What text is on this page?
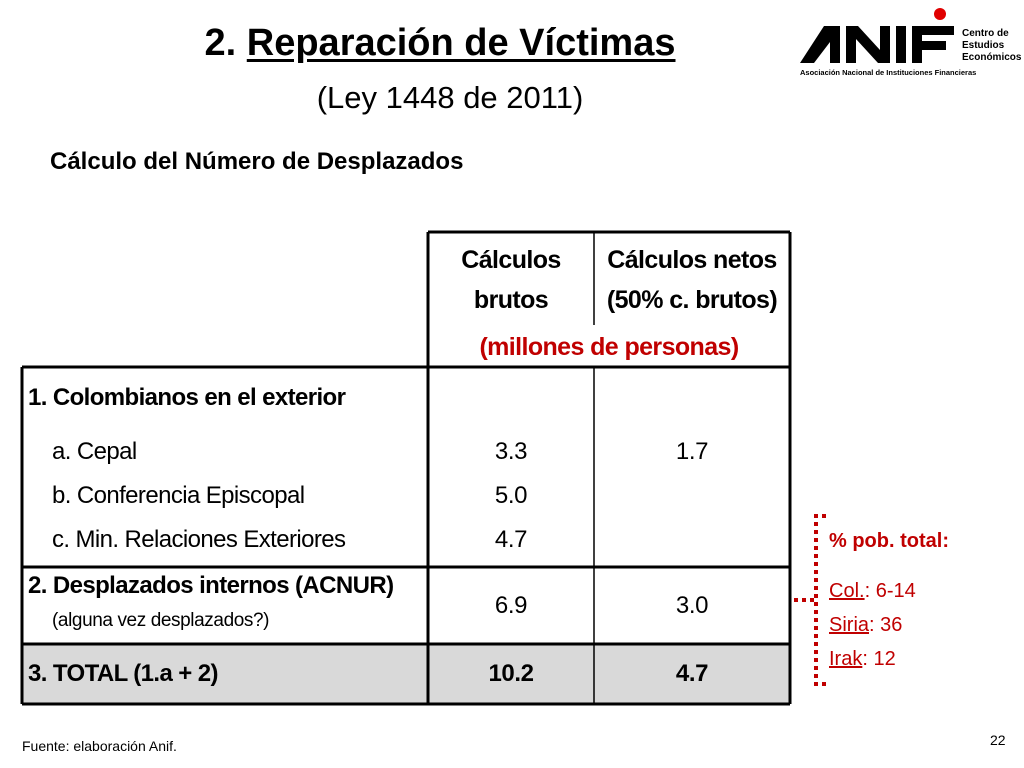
2. Reparación de Víctimas
(Ley 1448 de 2011)
Cálculo del Número de Desplazados
Centro de
Estudios
Económicos
Asociación Nacional de Instituciones Financieras
Cálculos
brutos
Cálculos netos
(50% c. brutos)
(millones de personas)
1. Colombianos en el exterior
a. Cepal	3.3	1.7
b. Conferencia Episcopal	5.0
c. Min. Relaciones Exteriores	4.7
2. Desplazados internos (ACNUR)
(alguna vez desplazados?)
6.9	3.0
3. TOTAL (1.a + 2)	10.2	4.7
% pob. total:
Col.: 6-14
Siria: 36
Irak: 12
Fuente: elaboración Anif.	22
